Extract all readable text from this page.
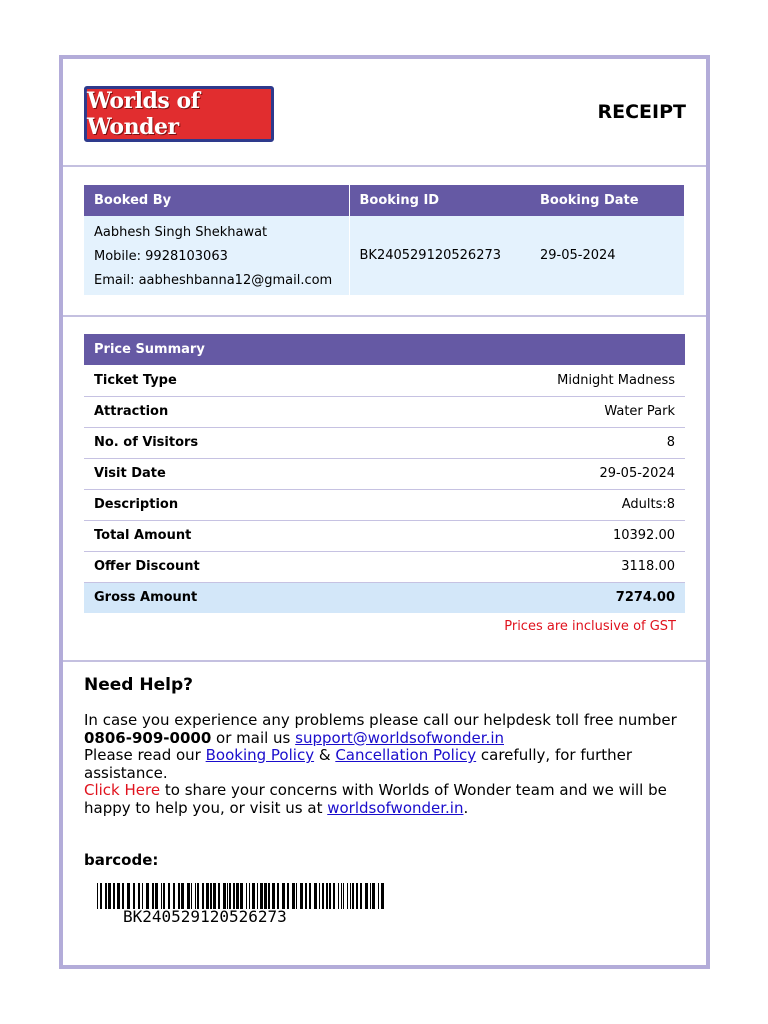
Worlds of Wonder
RECEIPT
Booked By	Booking ID	Booking Date

Aabhesh Singh Shekhawat
Mobile: 9928103063
Email: aabheshbanna12@gmail.com	BK240529120526273	29-05-2024
Price Summary	
Ticket Type	Midnight Madness
Attraction	Water Park
No. of Visitors	8
Visit Date	29-05-2024
Description	Adults:8
Total Amount	10392.00
Offer Discount	3118.00
Gross Amount	7274.00
Prices are inclusive of GST
Need Help?

In case you experience any problems please call our helpdesk toll free number 0806-909-0000 or mail us support@worldsofwonder.in
Please read our Booking Policy & Cancellation Policy carefully, for further assistance.
Click Here to share your concerns with Worlds of Wonder team and we will be happy to help you, or visit us at worldsofwonder.in.

barcode:
BK240529120526273
